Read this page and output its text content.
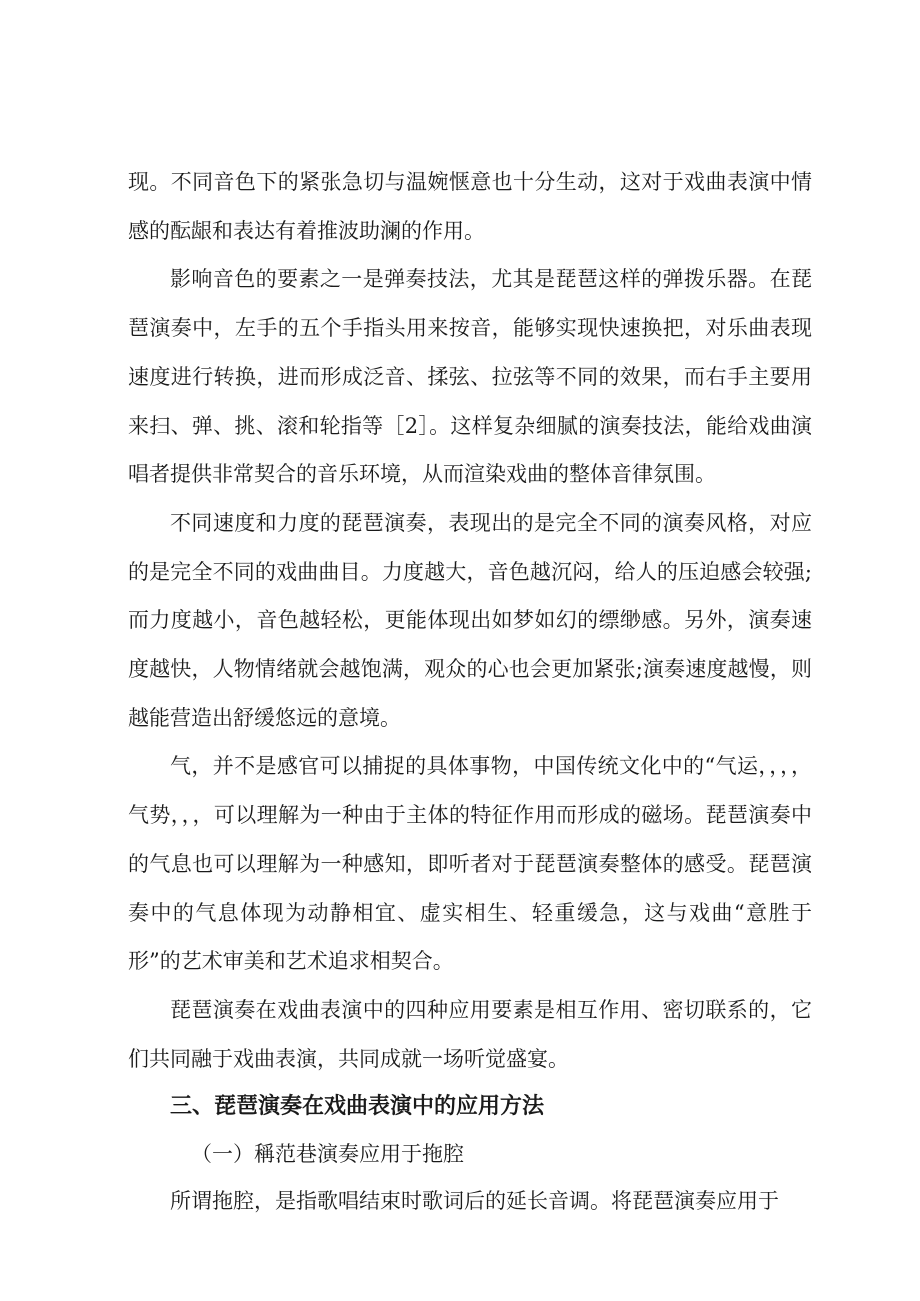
现。不同音色下的紧张急切与温婉惬意也十分生动，这对于戏曲表演中情感的酝龈和表达有着推波助澜的作用。

影响音色的要素之一是弹奏技法，尤其是琵琶这样的弹拨乐器。在琵琶演奏中，左手的五个手指头用来按音，能够实现快速换把，对乐曲表现速度进行转换，进而形成泛音、揉弦、拉弦等不同的效果，而右手主要用来扫、弹、挑、滚和轮指等［2］。这样复杂细腻的演奏技法，能给戏曲演唱者提供非常契合的音乐环境，从而渲染戏曲的整体音律氛围。

不同速度和力度的琵琶演奏，表现出的是完全不同的演奏风格，对应的是完全不同的戏曲曲目。力度越大，音色越沉闷，给人的压迫感会较强;而力度越小，音色越轻松，更能体现出如梦如幻的缥缈感。另外，演奏速度越快，人物情绪就会越饱满，观众的心也会更加紧张;演奏速度越慢，则越能营造出舒缓悠远的意境。

气，并不是感官可以捕捉的具体事物，中国传统文化中的“气运，，，，气势，，，可以理解为一种由于主体的特征作用而形成的磁场。琵琶演奏中的气息也可以理解为一种感知，即听者对于琵琶演奏整体的感受。琵琶演奏中的气息体现为动静相宜、虚实相生、轻重缓急，这与戏曲“意胜于形”的艺术审美和艺术追求相契合。

琵琶演奏在戏曲表演中的四种应用要素是相互作用、密切联系的，它们共同融于戏曲表演，共同成就一场听觉盛宴。

三、琵琶演奏在戏曲表演中的应用方法
（一）稱范巷演奏应用于拖腔

所谓拖腔，是指歌唱结束时歌词后的延长音调。将琵琶演奏应用于
